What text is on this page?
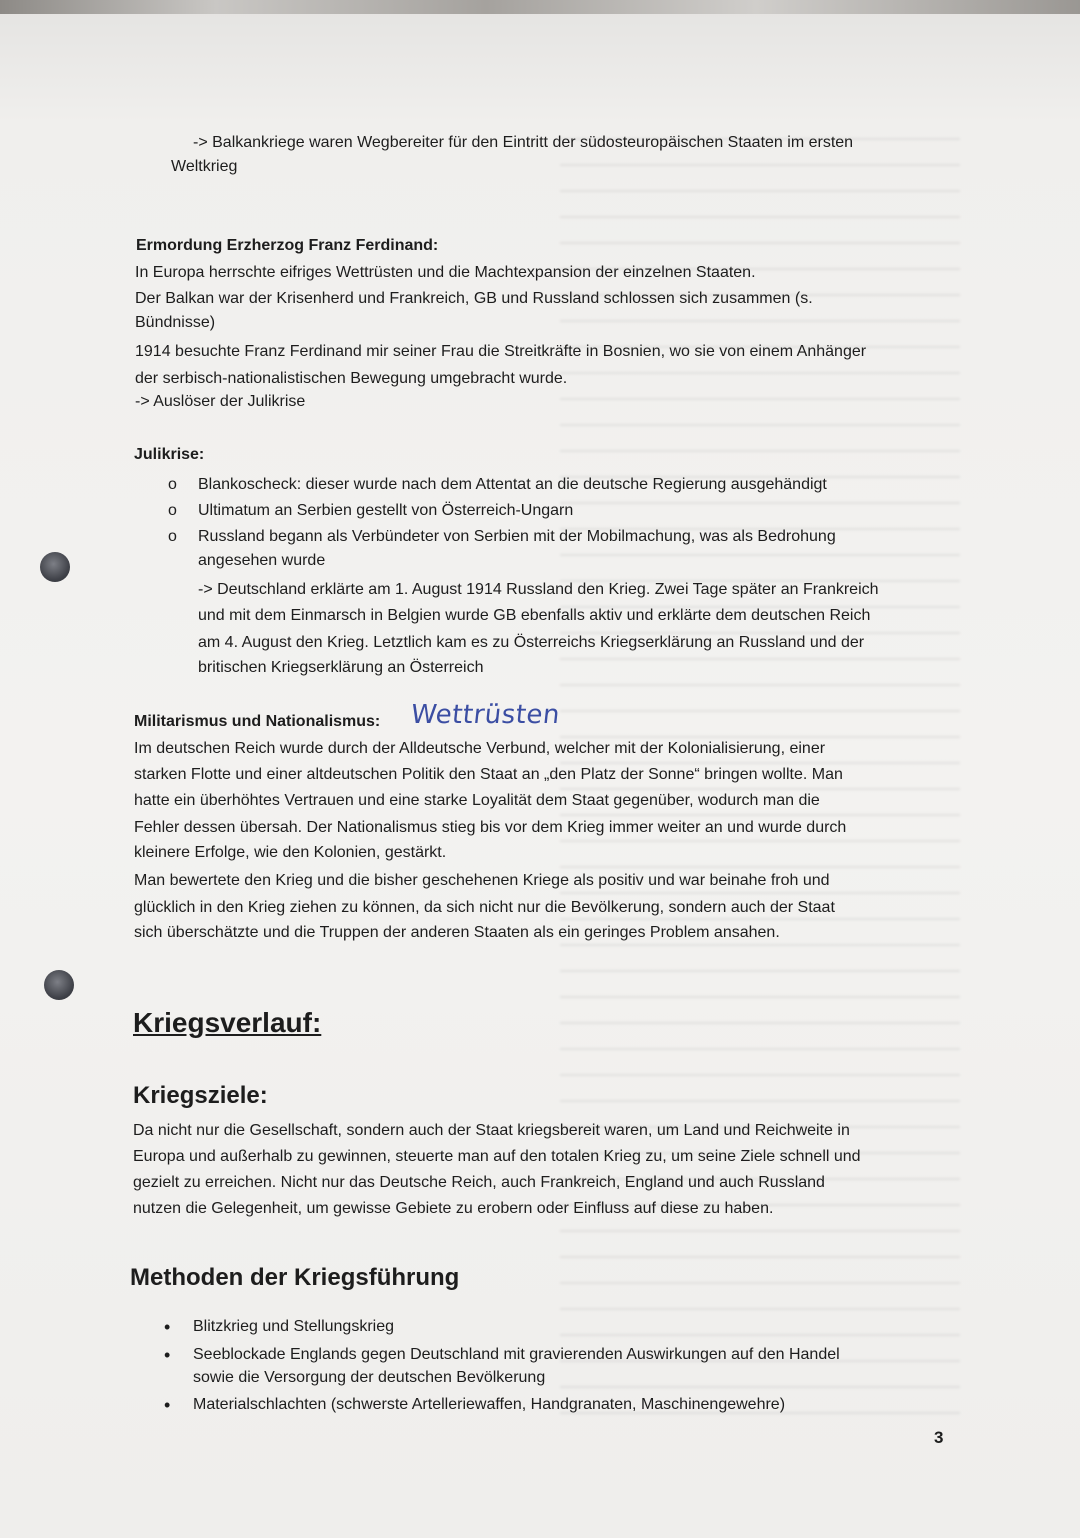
-> Balkankriege waren Wegbereiter für den Eintritt der südosteuropäischen Staaten im ersten

Weltkrieg

Ermordung Erzherzog Franz Ferdinand:

In Europa herrschte eifriges Wettrüsten und die Machtexpansion der einzelnen Staaten.

Der Balkan war der Krisenherd und Frankreich, GB und Russland schlossen sich zusammen (s.

Bündnisse)

1914 besuchte Franz Ferdinand mir seiner Frau die Streitkräfte in Bosnien, wo sie von einem Anhänger

der serbisch-nationalistischen Bewegung umgebracht wurde.

-> Auslöser der Julikrise

Julikrise:
o Blankoscheck: dieser wurde nach dem Attentat an die deutsche Regierung ausgehändigt
o Ultimatum an Serbien gestellt von Österreich-Ungarn
o Russland begann als Verbündeter von Serbien mit der Mobilmachung, was als Bedrohung

angesehen wurde

-> Deutschland erklärte am 1. August 1914 Russland den Krieg. Zwei Tage später an Frankreich

und mit dem Einmarsch in Belgien wurde GB ebenfalls aktiv und erklärte dem deutschen Reich

am 4. August den Krieg. Letztlich kam es zu Österreichs Kriegserklärung an Russland und der

britischen Kriegserklärung an Österreich

Militarismus und Nationalismus: Wettrüsten

Im deutschen Reich wurde durch der Alldeutsche Verbund, welcher mit der Kolonialisierung, einer

starken Flotte und einer altdeutschen Politik den Staat an „den Platz der Sonne“ bringen wollte. Man

hatte ein überhöhtes Vertrauen und eine starke Loyalität dem Staat gegenüber, wodurch man die

Fehler dessen übersah. Der Nationalismus stieg bis vor dem Krieg immer weiter an und wurde durch

kleinere Erfolge, wie den Kolonien, gestärkt.

Man bewertete den Krieg und die bisher geschehenen Kriege als positiv und war beinahe froh und

glücklich in den Krieg ziehen zu können, da sich nicht nur die Bevölkerung, sondern auch der Staat

sich überschätzte und die Truppen der anderen Staaten als ein geringes Problem ansahen.

Kriegsverlauf:
Kriegsziele:

Da nicht nur die Gesellschaft, sondern auch der Staat kriegsbereit waren, um Land und Reichweite in

Europa und außerhalb zu gewinnen, steuerte man auf den totalen Krieg zu, um seine Ziele schnell und

gezielt zu erreichen. Nicht nur das Deutsche Reich, auch Frankreich, England und auch Russland

nutzen die Gelegenheit, um gewisse Gebiete zu erobern oder Einfluss auf diese zu haben.

Methoden der Kriegsführung
• Blitzkrieg und Stellungskrieg
• Seeblockade Englands gegen Deutschland mit gravierenden Auswirkungen auf den Handel
• Materialschlachten (schwerste Artelleriewaffen, Handgranaten, Maschinengewehre)

sowie die Versorgung der deutschen Bevölkerung

3
